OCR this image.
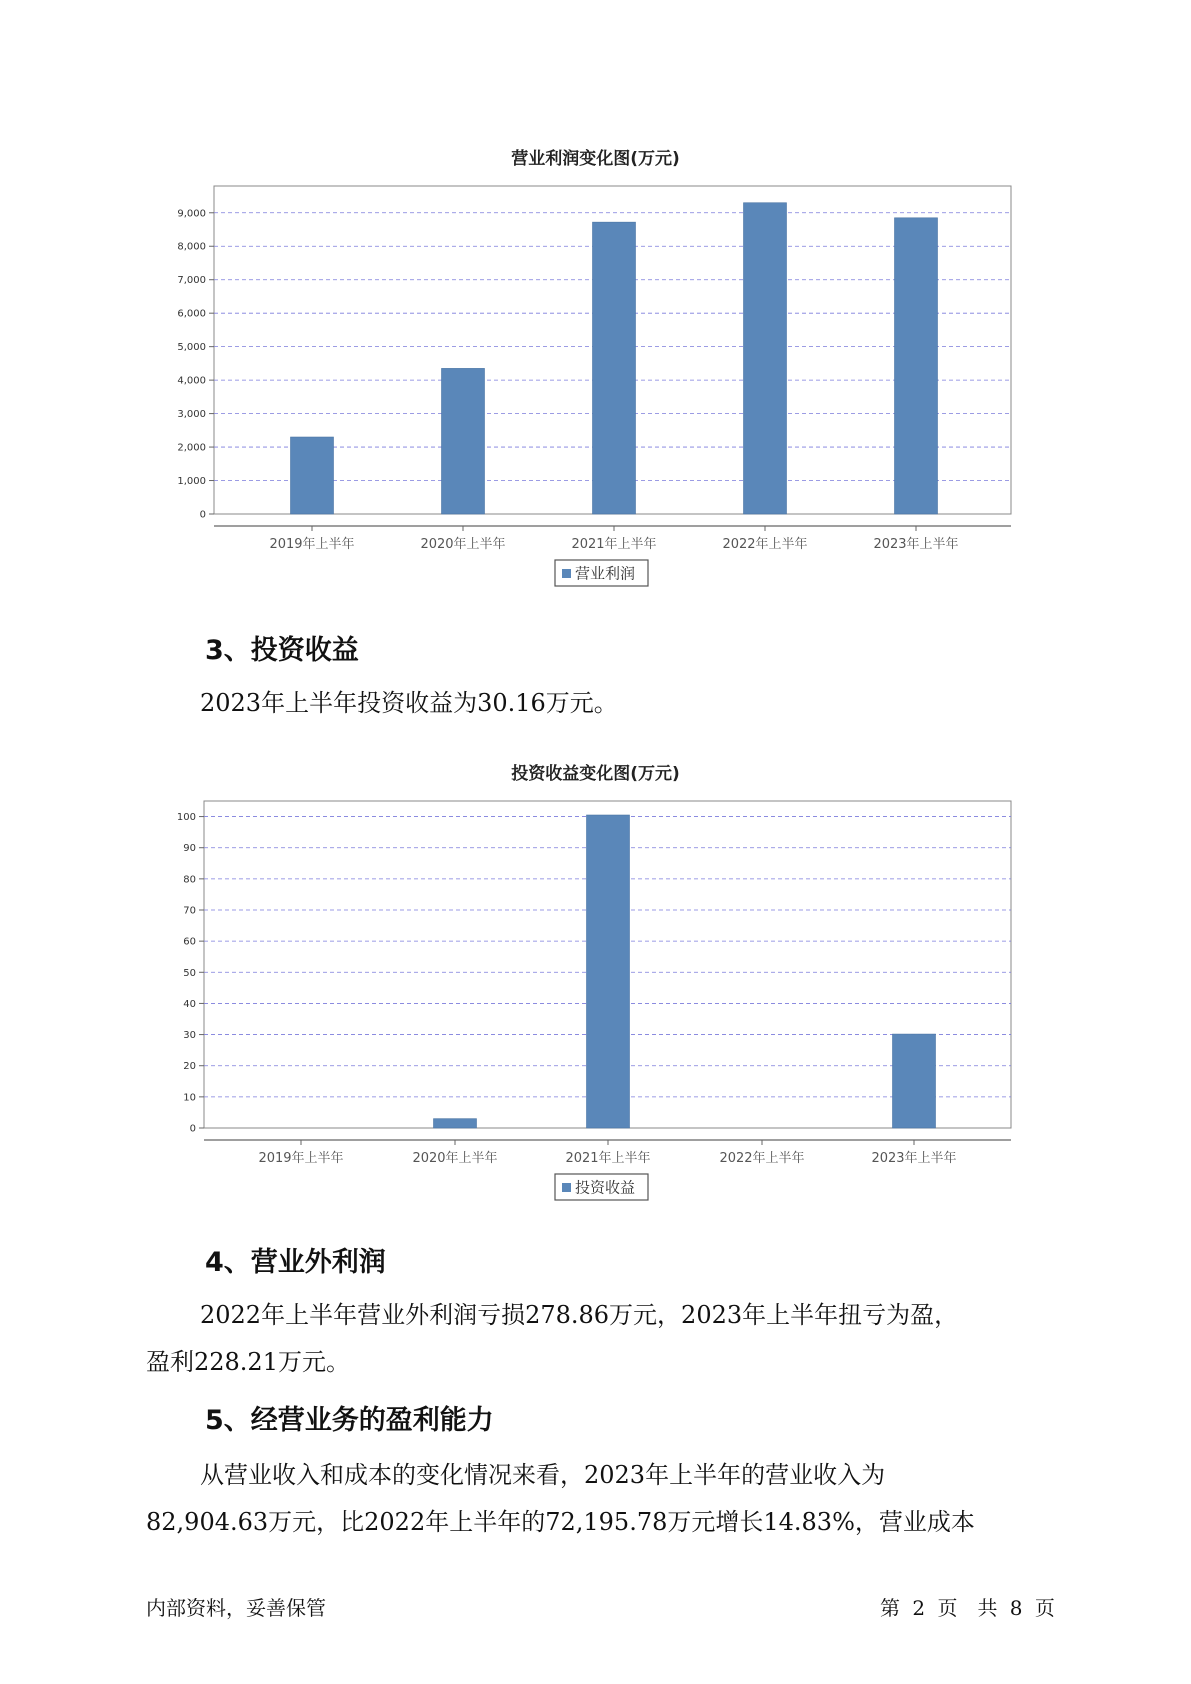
营业利润变化图(万元)
0
1,000
2,000
3,000
4,000
5,000
6,000
7,000
8,000
9,000
2019年上半年	2020年上半年	2021年上半年	2022年上半年	2023年上半年
营业利润
3、投资收益
2023年上半年投资收益为30.16万元。
投资收益变化图(万元)
0
10
20
30
40
50
60
70
80
90
100
2019年上半年	2020年上半年	2021年上半年	2022年上半年	2023年上半年
投资收益
4、营业外利润
2022年上半年营业外利润亏损278.86万元，2023年上半年扭亏为盈，
盈利228.21万元。
5、经营业务的盈利能力
从营业收入和成本的变化情况来看，2023年上半年的营业收入为
82,904.63万元，比2022年上半年的72,195.78万元增长14.83%，营业成本
内部资料，妥善保管	第 2 页　共 8 页
